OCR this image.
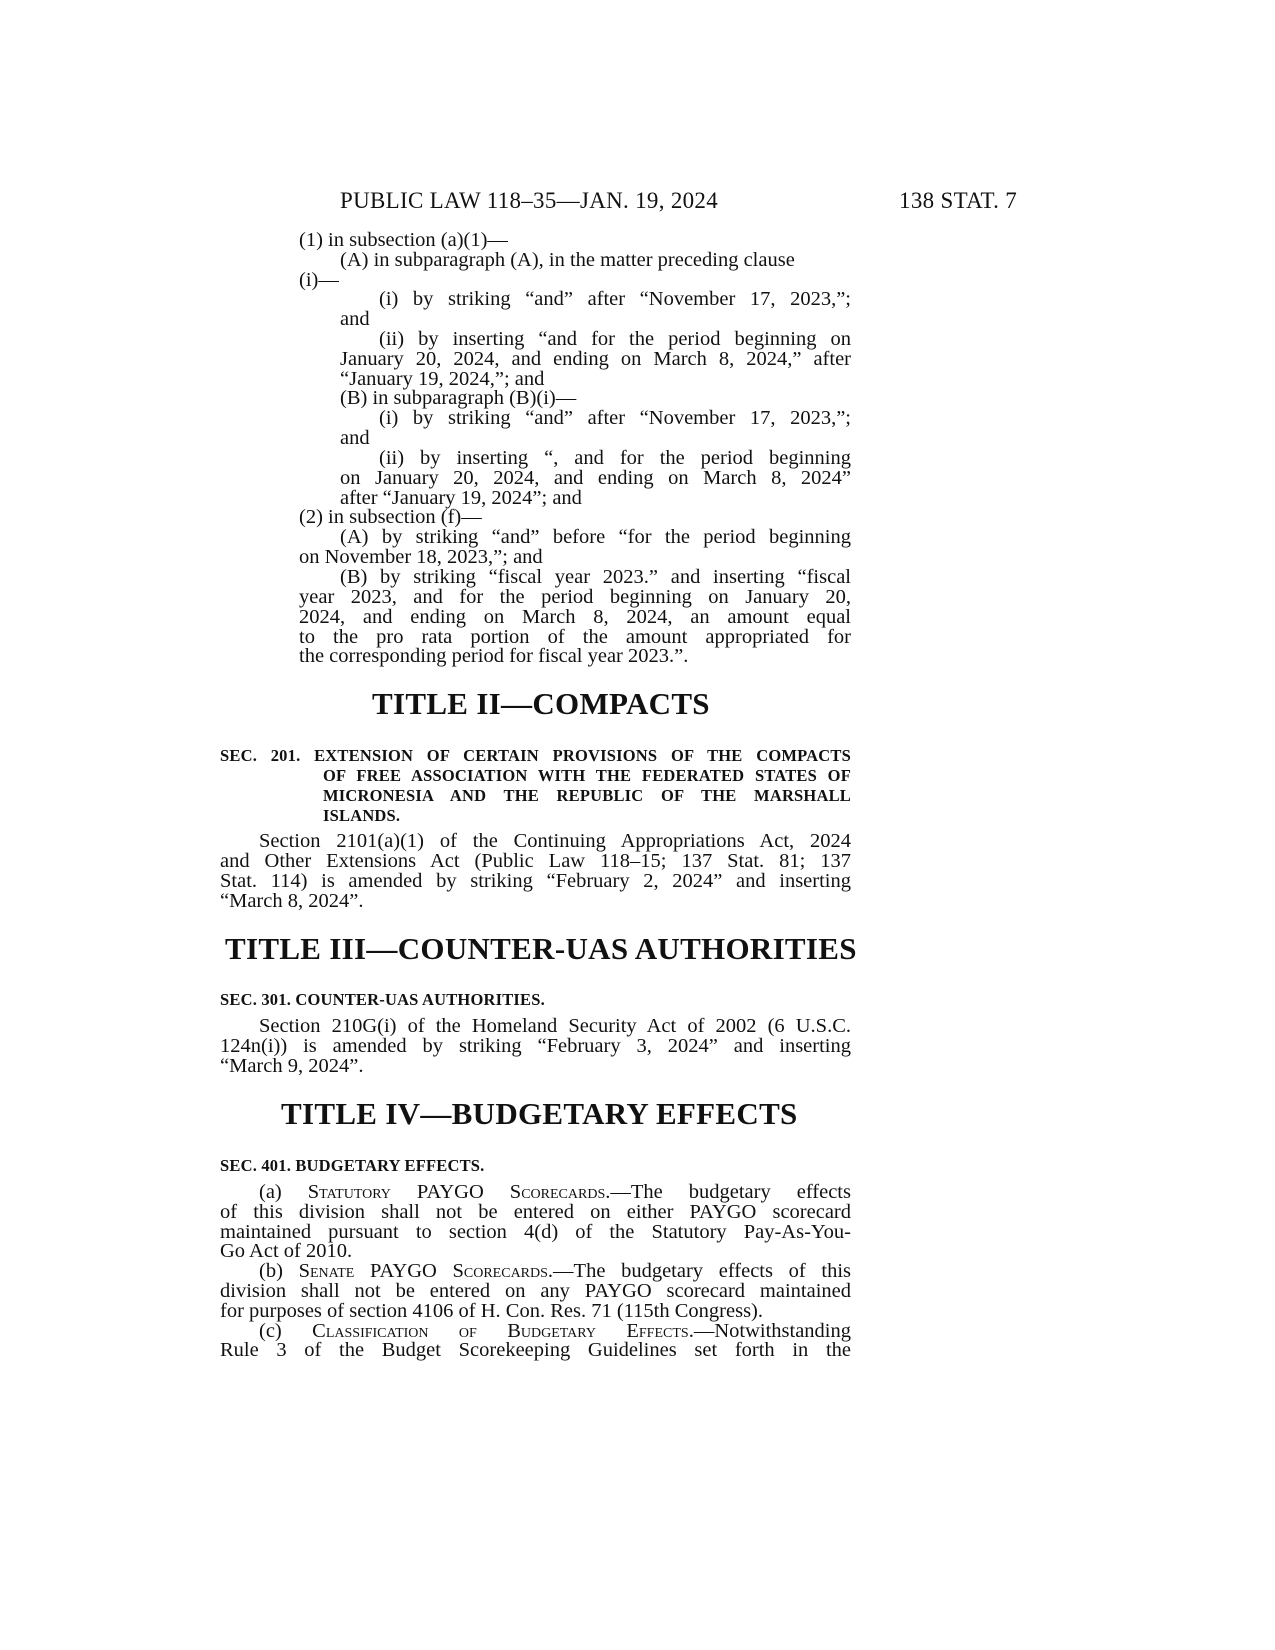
PUBLIC LAW 118–35—JAN. 19, 2024	138 STAT. 7
(1) in subsection (a)(1)—
(A) in subparagraph (A), in the matter preceding clause
(i)—
(i) by striking “and” after “November 17, 2023,”;
and
(ii) by inserting “and for the period beginning on
January 20, 2024, and ending on March 8, 2024,” after
“January 19, 2024,”; and
(B) in subparagraph (B)(i)—
(i) by striking “and” after “November 17, 2023,”;
and
(ii) by inserting “, and for the period beginning
on January 20, 2024, and ending on March 8, 2024”
after “January 19, 2024”; and
(2) in subsection (f)—
(A) by striking “and” before “for the period beginning
on November 18, 2023,”; and
(B) by striking “fiscal year 2023.” and inserting “fiscal
year 2023, and for the period beginning on January 20,
2024, and ending on March 8, 2024, an amount equal
to the pro rata portion of the amount appropriated for
the corresponding period for fiscal year 2023.”.
TITLE II—COMPACTS
SEC. 201. EXTENSION OF CERTAIN PROVISIONS OF THE COMPACTS
OF FREE ASSOCIATION WITH THE FEDERATED STATES OF
MICRONESIA AND THE REPUBLIC OF THE MARSHALL
ISLANDS.
Section 2101(a)(1) of the Continuing Appropriations Act, 2024
and Other Extensions Act (Public Law 118–15; 137 Stat. 81; 137
Stat. 114) is amended by striking “February 2, 2024” and inserting
“March 8, 2024”.
TITLE III—COUNTER-UAS AUTHORITIES
SEC. 301. COUNTER-UAS AUTHORITIES.
Section 210G(i) of the Homeland Security Act of 2002 (6 U.S.C.
124n(i)) is amended by striking “February 3, 2024” and inserting
“March 9, 2024”.
TITLE IV—BUDGETARY EFFECTS
SEC. 401. BUDGETARY EFFECTS.
(a) Statutory PAYGO Scorecards.—The budgetary effects
of this division shall not be entered on either PAYGO scorecard
maintained pursuant to section 4(d) of the Statutory Pay-As-You-
Go Act of 2010.
(b) Senate PAYGO Scorecards.—The budgetary effects of this
division shall not be entered on any PAYGO scorecard maintained
for purposes of section 4106 of H. Con. Res. 71 (115th Congress).
(c) Classification of Budgetary Effects.—Notwithstanding
Rule 3 of the Budget Scorekeeping Guidelines set forth in the
